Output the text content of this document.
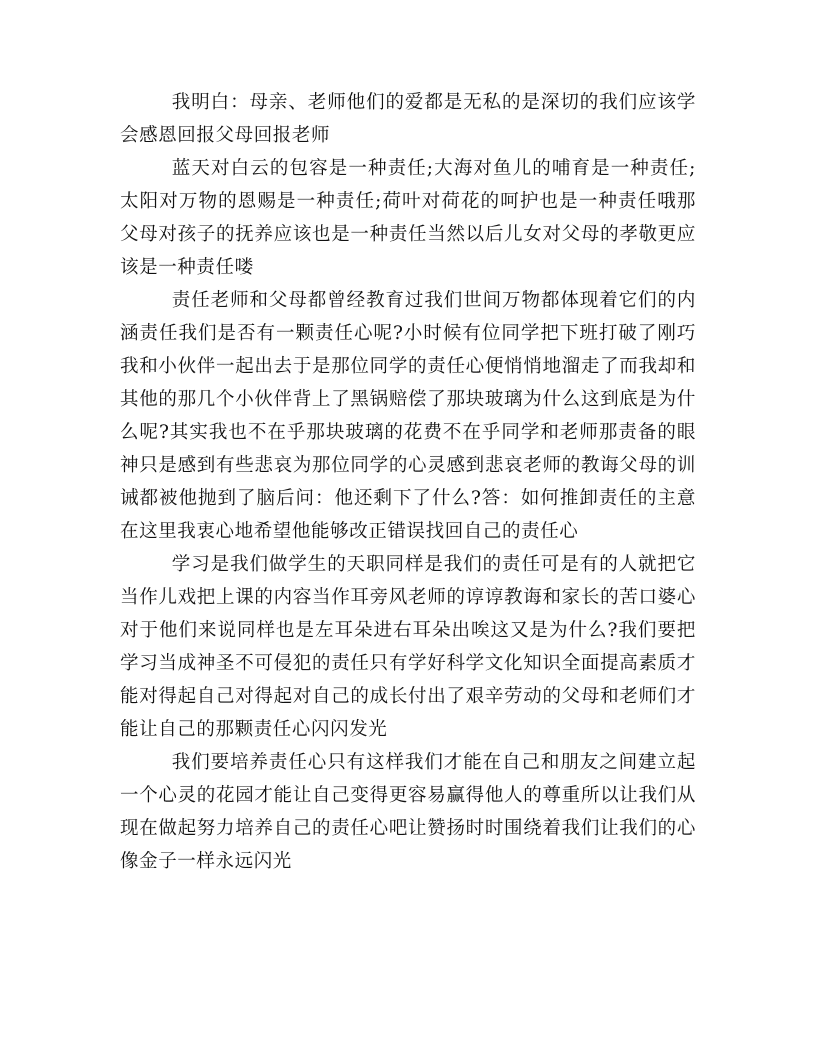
我明白：母亲、老师他们的爱都是无私的是深切的我们应该学会感恩回报父母回报老师

蓝天对白云的包容是一种责任;大海对鱼儿的哺育是一种责任;太阳对万物的恩赐是一种责任;荷叶对荷花的呵护也是一种责任哦那父母对孩子的抚养应该也是一种责任当然以后儿女对父母的孝敬更应该是一种责任喽

责任老师和父母都曾经教育过我们世间万物都体现着它们的内涵责任我们是否有一颗责任心呢?小时候有位同学把下班打破了刚巧我和小伙伴一起出去于是那位同学的责任心便悄悄地溜走了而我却和其他的那几个小伙伴背上了黑锅赔偿了那块玻璃为什么这到底是为什么呢?其实我也不在乎那块玻璃的花费不在乎同学和老师那责备的眼神只是感到有些悲哀为那位同学的心灵感到悲哀老师的教诲父母的训诫都被他抛到了脑后问：他还剩下了什么?答：如何推卸责任的主意在这里我衷心地希望他能够改正错误找回自己的责任心

学习是我们做学生的天职同样是我们的责任可是有的人就把它当作儿戏把上课的内容当作耳旁风老师的谆谆教诲和家长的苦口婆心对于他们来说同样也是左耳朵进右耳朵出唉这又是为什么?我们要把学习当成神圣不可侵犯的责任只有学好科学文化知识全面提高素质才能对得起自己对得起对自己的成长付出了艰辛劳动的父母和老师们才能让自己的那颗责任心闪闪发光

我们要培养责任心只有这样我们才能在自己和朋友之间建立起一个心灵的花园才能让自己变得更容易赢得他人的尊重所以让我们从现在做起努力培养自己的责任心吧让赞扬时时围绕着我们让我们的心像金子一样永远闪光
